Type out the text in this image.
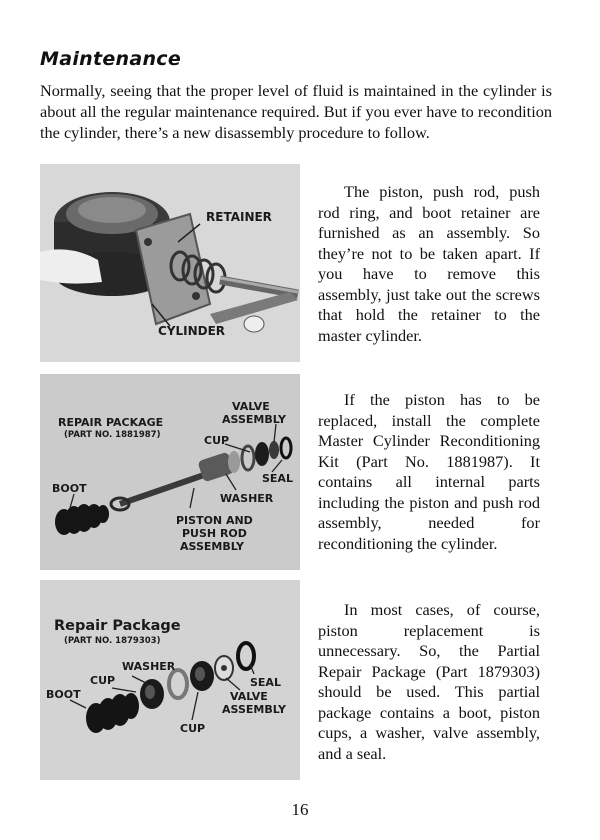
Maintenance

Normally, seeing that the proper level of fluid is maintained in the cylinder is about all the regular maintenance required. But if you ever have to recondition the cylinder, there’s a new disassembly procedure to follow.

RETAINER
CYLINDER

The piston, push rod, push rod ring, and boot retainer are furnished as an assembly. So they’re not to be taken apart. If you have to remove this assembly, just take out the screws that hold the retainer to the master cylinder.

REPAIR PACKAGE
(PART NO. 1881987)
VALVE
ASSEMBLY
CUP
SEAL
BOOT
WASHER
PISTON AND
PUSH ROD
ASSEMBLY

If the piston has to be replaced, install the complete Master Cylinder Reconditioning Kit (Part No. 1881987). It contains all internal parts including the piston and push rod assembly, needed for reconditioning the cylinder.

Repair Package
(PART NO. 1879303)
WASHER
CUP
BOOT
SEAL
VALVE
ASSEMBLY
CUP

In most cases, of course, piston replacement is unnecessary. So, the Partial Repair Package (Part 1879303) should be used. This partial package contains a boot, piston cups, a washer, valve assembly, and a seal.

16
